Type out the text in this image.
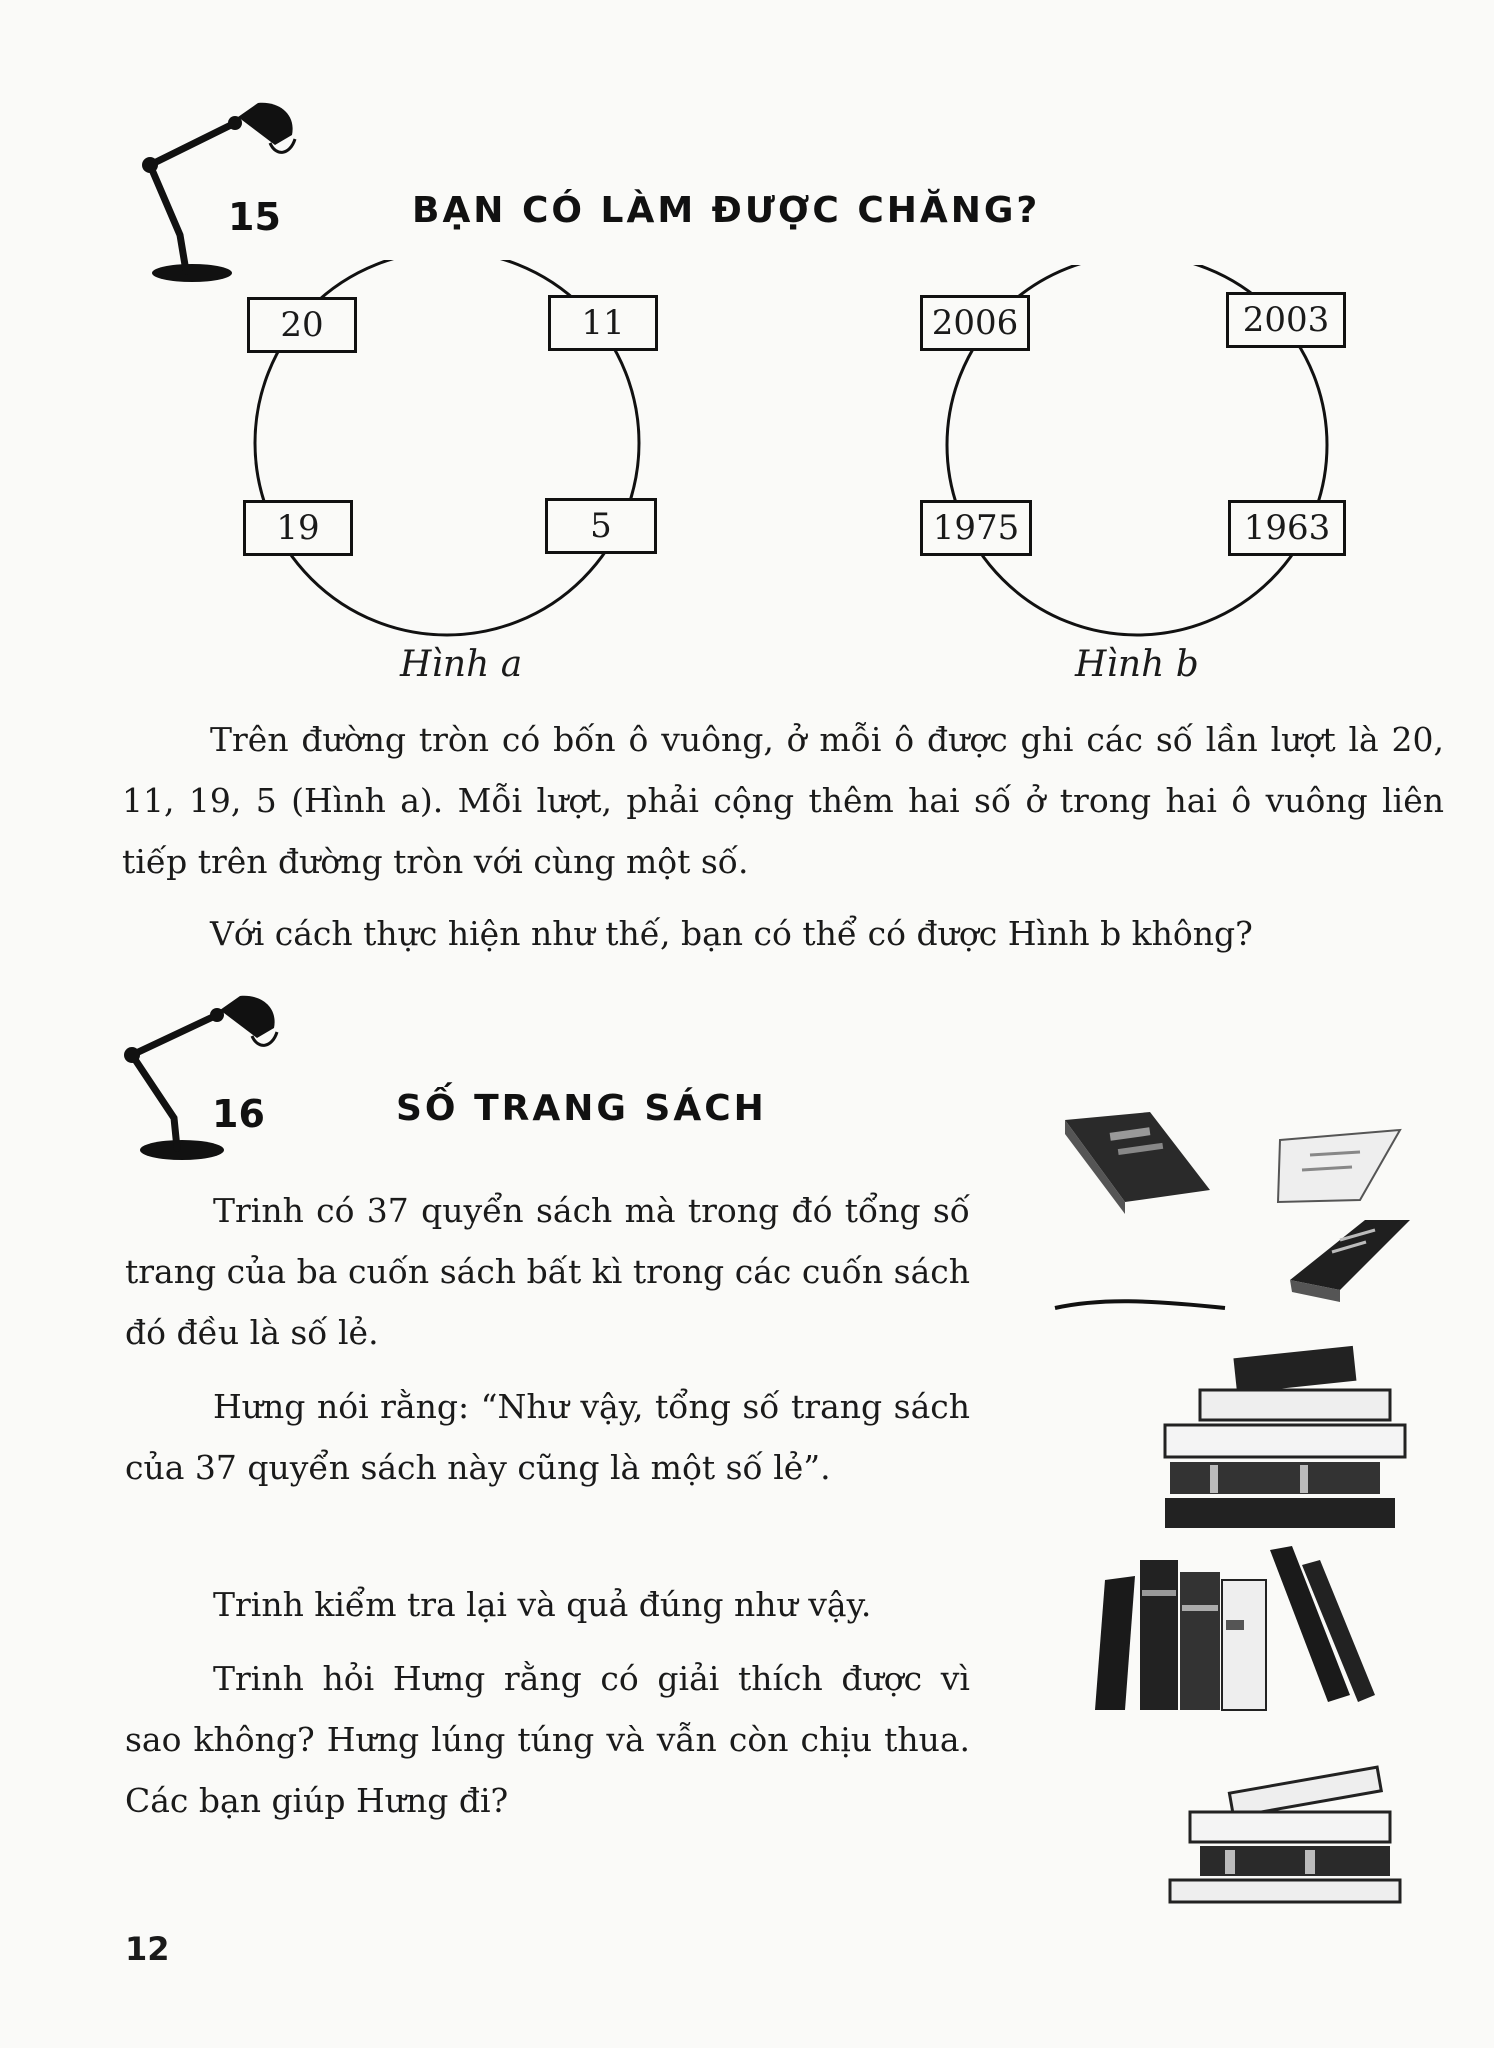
15	BẠN CÓ LÀM ĐƯỢC CHĂNG?
20	11
19	5
Hình a
2006	2003
1975	1963
Hình b

Trên đường tròn có bốn ô vuông, ở mỗi ô được ghi các số lần lượt là 20, 11, 19, 5 (Hình a). Mỗi lượt, phải cộng thêm hai số ở trong hai ô vuông liên tiếp trên đường tròn với cùng một số.

Với cách thực hiện như thế, bạn có thể có được Hình b không?

16	SỐ TRANG SÁCH

Trinh có 37 quyển sách mà trong đó tổng số trang của ba cuốn sách bất kì trong các cuốn sách đó đều là số lẻ.

Hưng nói rằng: “Như vậy, tổng số trang sách của 37 quyển sách này cũng là một số lẻ”.

Trinh kiểm tra lại và quả đúng như vậy.

Trinh hỏi Hưng rằng có giải thích được vì sao không? Hưng lúng túng và vẫn còn chịu thua. Các bạn giúp Hưng đi?

12
